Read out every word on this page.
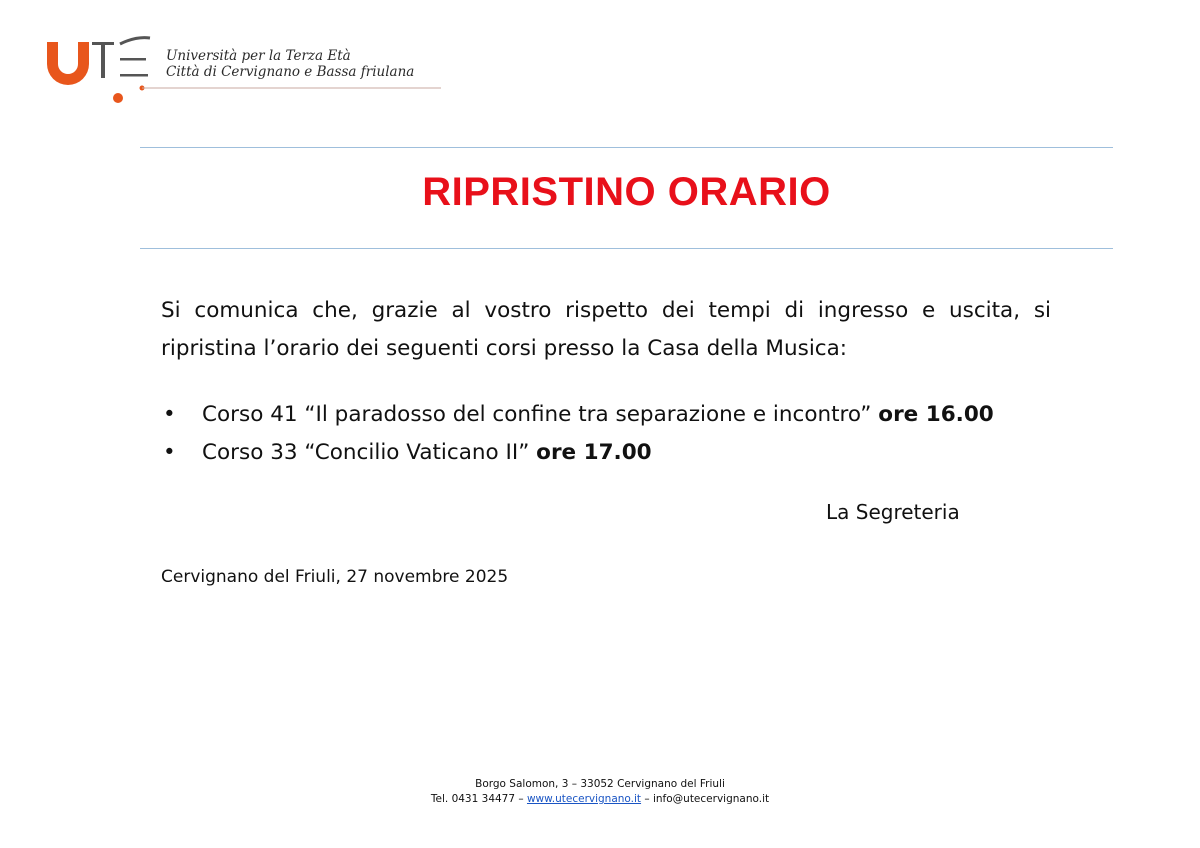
Università per la Terza Età
Città di Cervignano e Bassa friulana
RIPRISTINO ORARIO

Si comunica che, grazie al vostro rispetto dei tempi di ingresso e uscita, si ripristina l’orario dei seguenti corsi presso la Casa della Musica:

• Corso 41 “Il paradosso del confine tra separazione e incontro” ore 16.00
• Corso 33 “Concilio Vaticano II” ore 17.00
La Segreteria
Cervignano del Friuli, 27 novembre 2025
Borgo Salomon, 3 – 33052 Cervignano del Friuli
Tel. 0431 34477 – www.utecervignano.it – info@utecervignano.it
